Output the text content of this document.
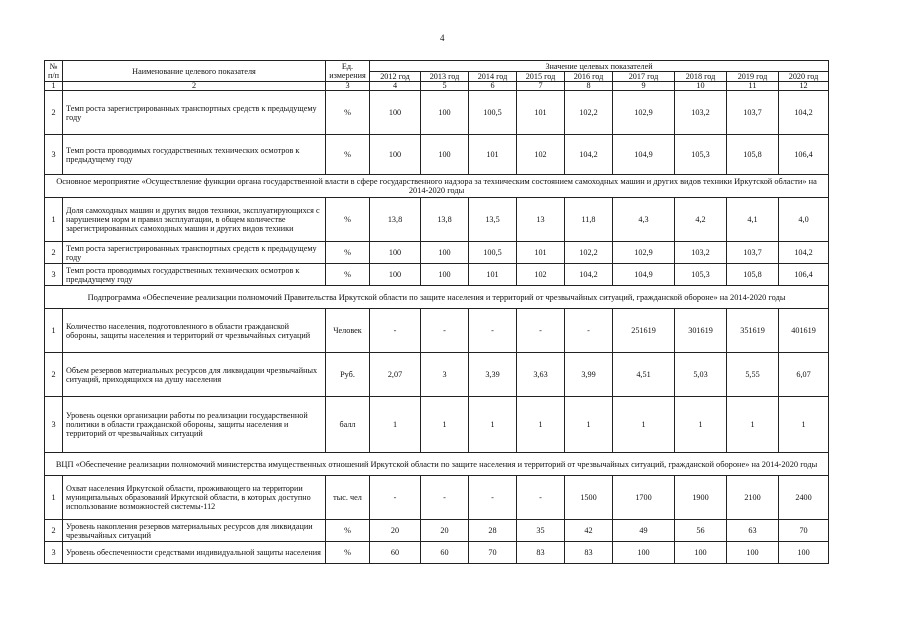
4
№ п/п	Наименование целевого показателя	Ед. измерения	Значение целевых показателей								
			2012 год	2013 год	2014 год	2015 год	2016 год	2017 год	2018 год	2019 год	2020 год
1	2	3	4	5	6	7	8	9	10	11	12
2	Темп роста зарегистрированных транспортных средств к предыдущему году	%	100	100	100,5	101	102,2	102,9	103,2	103,7	104,2
3	Темп роста проводимых государственных технических осмотров к предыдущему году	%	100	100	101	102	104,2	104,9	105,3	105,8	106,4
Основное мероприятие «Осуществление функции органа государственной власти в сфере государственного надзора за техническим состоянием самоходных машин и других видов техники Иркутской области» на 2014-2020 годы											
1	Доля самоходных машин и других видов техники, эксплуатирующихся с нарушением норм и правил эксплуатации, в общем количестве зарегистрированных самоходных машин и других видов техники	%	13,8	13,8	13,5	13	11,8	4,3	4,2	4,1	4,0
2	Темп роста зарегистрированных транспортных средств к предыдущему году	%	100	100	100,5	101	102,2	102,9	103,2	103,7	104,2
3	Темп роста проводимых государственных технических осмотров к предыдущему году	%	100	100	101	102	104,2	104,9	105,3	105,8	106,4
Подпрограмма «Обеспечение реализации полномочий Правительства Иркутской области по защите населения и территорий от чрезвычайных ситуаций, гражданской обороне» на 2014-2020 годы											
1	Количество населения, подготовленного в области гражданской обороны, защиты населения и территорий от чрезвычайных ситуаций	Человек	-	-	-	-	-	251619	301619	351619	401619
2	Объем резервов материальных ресурсов для ликвидации чрезвычайных ситуаций, приходящихся на душу населения	Руб.	2,07	3	3,39	3,63	3,99	4,51	5,03	5,55	6,07
3	Уровень оценки организации работы по реализации государственной политики в области гражданской обороны, защиты населения и территорий от чрезвычайных ситуаций	балл	1	1	1	1	1	1	1	1	1
ВЦП «Обеспечение реализации полномочий министерства имущественных отношений Иркутской области по защите населения и территорий от чрезвычайных ситуаций, гражданской обороне» на 2014-2020 годы											
1	Охват населения Иркутской области, проживающего на территории муниципальных образований Иркутской области, в которых доступно использование возможностей системы-112	тыс. чел	-	-	-	-	1500	1700	1900	2100	2400
2	Уровень накопления резервов материальных ресурсов для ликвидации чрезвычайных ситуаций	%	20	20	28	35	42	49	56	63	70
3	Уровень обеспеченности средствами индивидуальной защиты населения	%	60	60	70	83	83	100	100	100	100
